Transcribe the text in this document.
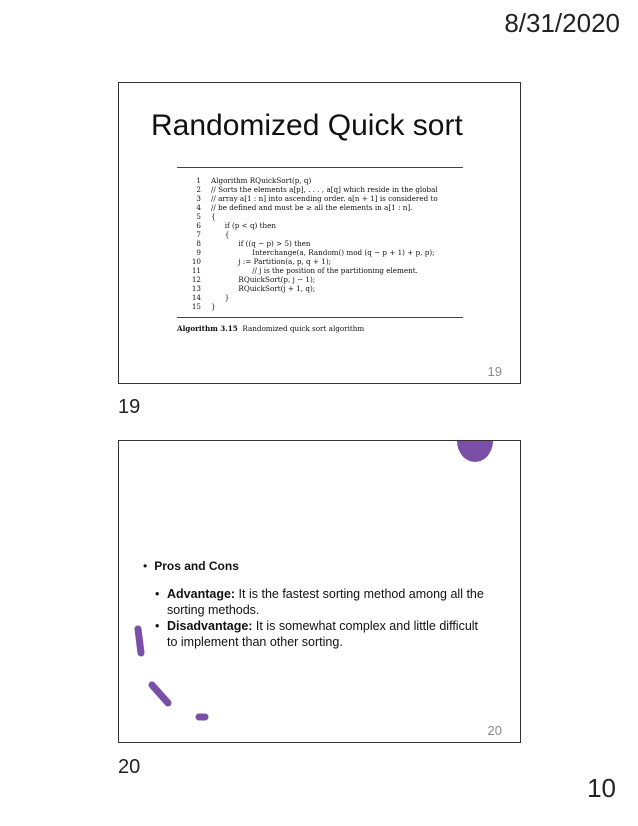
8/31/2020
Randomized Quick sort
1	Algorithm RQuickSort(p, q)
2	// Sorts the elements a[p], . . . , a[q] which reside in the global
3	// array a[1 : n] into ascending order. a[n + 1] is considered to
4	// be defined and must be ≥ all the elements in a[1 : n].
5	{
6	if (p < q) then
7	{
8	if ((q − p) > 5) then
9	Interchange(a, Random() mod (q − p + 1) + p, p);
10	j := Partition(a, p, q + 1);
11	// j is the position of the partitioning element.
12	RQuickSort(p, j − 1);
13	RQuickSort(j + 1, q);
14	}
15	}
Algorithm 3.15 Randomized quick sort algorithm
19
19
• Pros and Cons
• Advantage: It is the fastest sorting method among all the sorting methods.
• Disadvantage: It is somewhat complex and little difficult to implement than other sorting.
20
20
10
